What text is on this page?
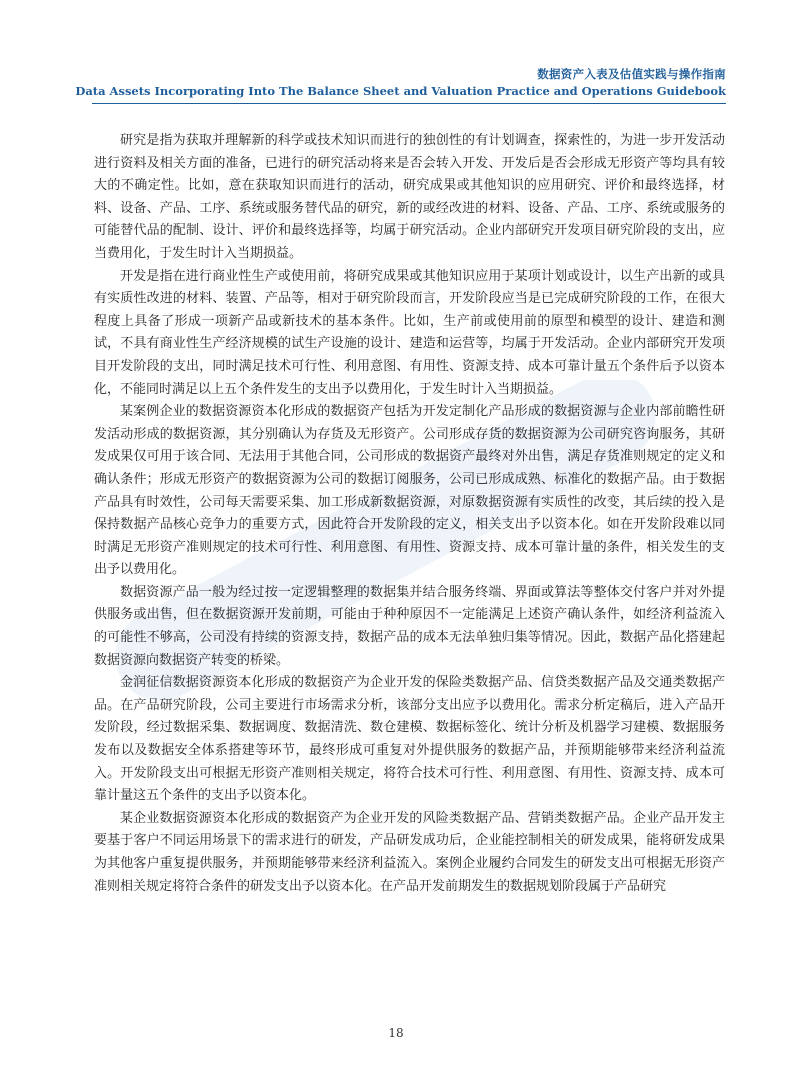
数据资产入表及估值实践与操作指南
Data Assets Incorporating Into The Balance Sheet and Valuation Practice and Operations Guidebook

研究是指为获取并理解新的科学或技术知识而进行的独创性的有计划调查，探索性的，为进一步开发活动进行资料及相关方面的准备，已进行的研究活动将来是否会转入开发、开发后是否会形成无形资产等均具有较大的不确定性。比如，意在获取知识而进行的活动，研究成果或其他知识的应用研究、评价和最终选择，材料、设备、产品、工序、系统或服务替代品的研究，新的或经改进的材料、设备、产品、工序、系统或服务的可能替代品的配制、设计、评价和最终选择等，均属于研究活动。企业内部研究开发项目研究阶段的支出，应当费用化，于发生时计入当期损益。

开发是指在进行商业性生产或使用前，将研究成果或其他知识应用于某项计划或设计，以生产出新的或具有实质性改进的材料、装置、产品等，相对于研究阶段而言，开发阶段应当是已完成研究阶段的工作，在很大程度上具备了形成一项新产品或新技术的基本条件。比如，生产前或使用前的原型和模型的设计、建造和测试，不具有商业性生产经济规模的试生产设施的设计、建造和运营等，均属于开发活动。企业内部研究开发项目开发阶段的支出，同时满足技术可行性、利用意图、有用性、资源支持、成本可靠计量五个条件后予以资本化，不能同时满足以上五个条件发生的支出予以费用化，于发生时计入当期损益。

某案例企业的数据资源资本化形成的数据资产包括为开发定制化产品形成的数据资源与企业内部前瞻性研发活动形成的数据资源，其分别确认为存货及无形资产。公司形成存货的数据资源为公司研究咨询服务，其研发成果仅可用于该合同、无法用于其他合同，公司形成的数据资产最终对外出售，满足存货准则规定的定义和确认条件；形成无形资产的数据资源为公司的数据订阅服务，公司已形成成熟、标准化的数据产品。由于数据产品具有时效性，公司每天需要采集、加工形成新数据资源，对原数据资源有实质性的改变，其后续的投入是保持数据产品核心竞争力的重要方式，因此符合开发阶段的定义，相关支出予以资本化。如在开发阶段难以同时满足无形资产准则规定的技术可行性、利用意图、有用性、资源支持、成本可靠计量的条件，相关发生的支出予以费用化。

数据资源产品一般为经过按一定逻辑整理的数据集并结合服务终端、界面或算法等整体交付客户并对外提供服务或出售，但在数据资源开发前期，可能由于种种原因不一定能满足上述资产确认条件，如经济利益流入的可能性不够高，公司没有持续的资源支持，数据产品的成本无法单独归集等情况。因此，数据产品化搭建起数据资源向数据资产转变的桥梁。

金润征信数据资源资本化形成的数据资产为企业开发的保险类数据产品、信贷类数据产品及交通类数据产品。在产品研究阶段，公司主要进行市场需求分析，该部分支出应予以费用化。需求分析定稿后，进入产品开发阶段，经过数据采集、数据调度、数据清洗、数仓建模、数据标签化、统计分析及机器学习建模、数据服务发布以及数据安全体系搭建等环节，最终形成可重复对外提供服务的数据产品，并预期能够带来经济利益流入。开发阶段支出可根据无形资产准则相关规定，将符合技术可行性、利用意图、有用性、资源支持、成本可靠计量这五个条件的支出予以资本化。

某企业数据资源资本化形成的数据资产为企业开发的风险类数据产品、营销类数据产品。企业产品开发主要基于客户不同运用场景下的需求进行的研发，产品研发成功后，企业能控制相关的研发成果，能将研发成果为其他客户重复提供服务，并预期能够带来经济利益流入。案例企业履约合同发生的研发支出可根据无形资产准则相关规定将符合条件的研发支出予以资本化。在产品开发前期发生的数据规划阶段属于产品研究

18
